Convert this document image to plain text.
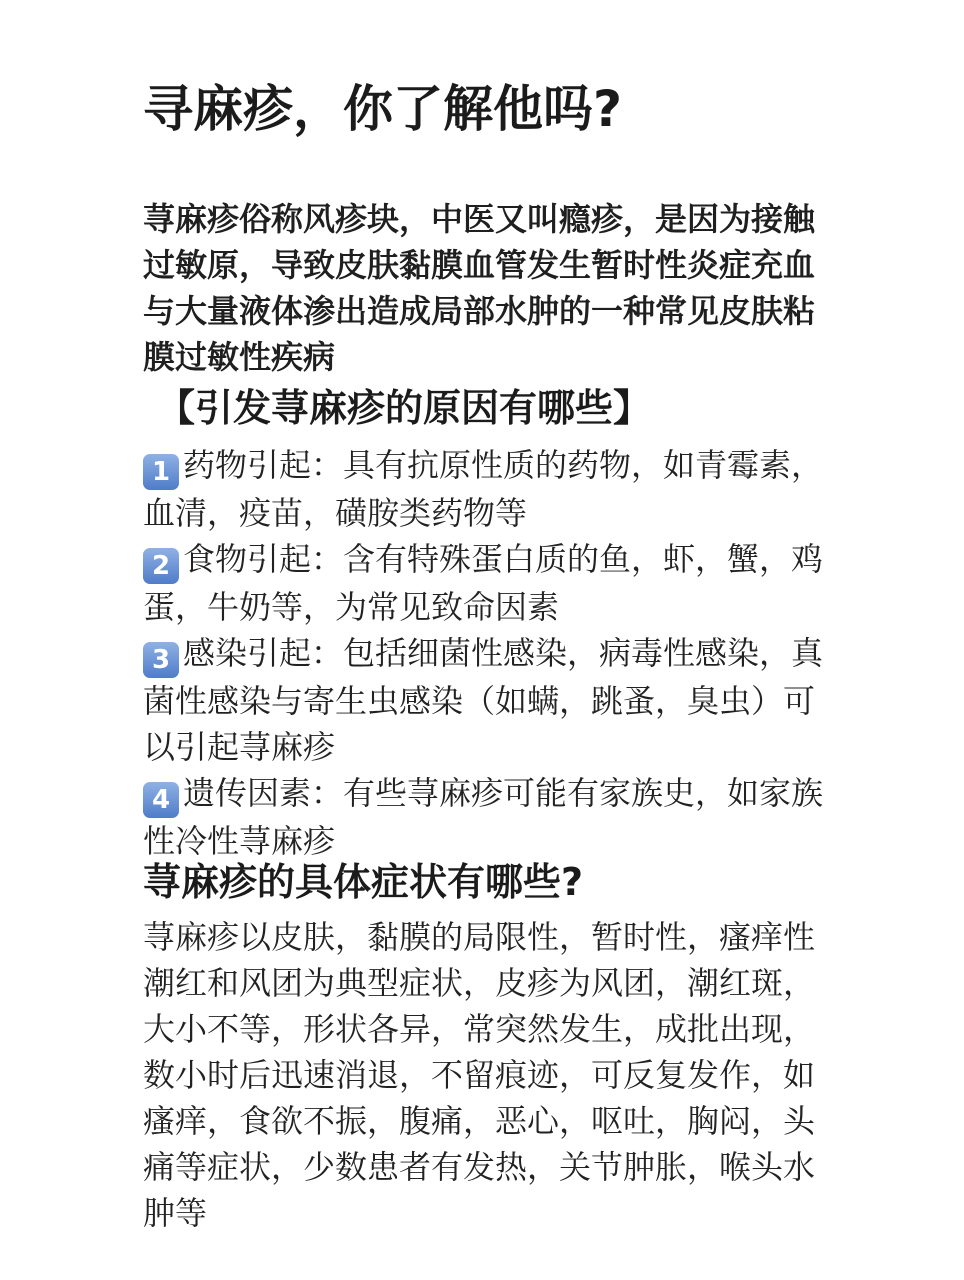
寻麻疹，你了解他吗?

荨麻疹俗称风疹块，中医又叫瘾疹，是因为接触

过敏原，导致皮肤黏膜血管发生暂时性炎症充血

与大量液体渗出造成局部水肿的一种常见皮肤粘

膜过敏性疾病

【引发荨麻疹的原因有哪些】
1 药物引起：具有抗原性质的药物，如青霉素，
血清，疫苗，磺胺类药物等
2 食物引起：含有特殊蛋白质的鱼，虾，蟹，鸡
蛋，牛奶等，为常见致命因素
3 感染引起：包括细菌性感染，病毒性感染，真
菌性感染与寄生虫感染（如螨，跳蚤，臭虫）可
以引起荨麻疹
4 遗传因素：有些荨麻疹可能有家族史，如家族
性冷性荨麻疹
荨麻疹的具体症状有哪些?
荨麻疹以皮肤，黏膜的局限性，暂时性，瘙痒性
潮红和风团为典型症状，皮疹为风团，潮红斑，
大小不等，形状各异，常突然发生，成批出现，
数小时后迅速消退，不留痕迹，可反复发作，如
瘙痒，食欲不振，腹痛，恶心，呕吐，胸闷，头
痛等症状，少数患者有发热，关节肿胀，喉头水
肿等
